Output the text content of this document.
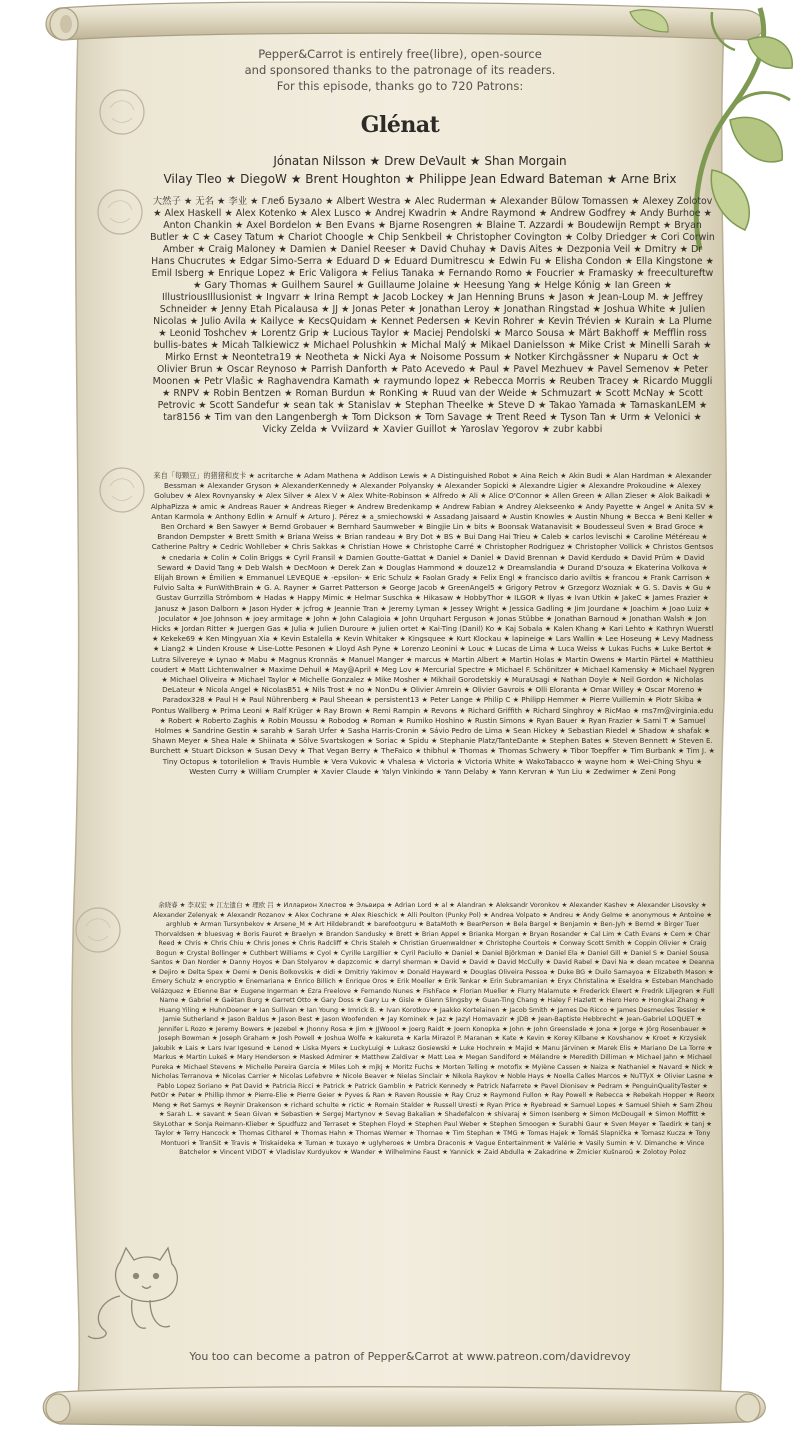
Pepper&Carrot is entirely free(libre), open-source
and sponsored thanks to the patronage of its readers.
For this episode, thanks go to 720 Patrons:
Glénat
Jónatan Nilsson ★ Drew DeVault ★ Shan Morgain
Vilay Tleo ★ DiegoW ★ Brent Houghton ★ Philippe Jean Edward Bateman ★ Arne Brix
大然子 ★ 无名 ★ 李业 ★ Глеб Бузало ★ Albert Westra ★ Alec Ruderman ★ Alexander Bülow Tomassen ★ Alexey Zolotov ★ Alex Haskell ★ Alex Kotenko ★ Alex Lusco ★ Andrej Kwadrin ★ Andre Raymond ★ Andrew Godfrey ★ Andy Burhoe ★ Anton Chankin ★ Axel Bordelon ★ Ben Evans ★ Bjarne Rosengren ★ Blaine T. Azzardi ★ Boudewijn Rempt ★ Bryan Butler ★ C ★ Casey Tatum ★ Chariot Choogle ★ Chip Senkbeil ★ Christopher Covington ★ Colby Driedger ★ Cori Corwin Amber ★ Craig Maloney ★ Damien ★ Daniel Reeser ★ David Chuhay ★ Davis Aites ★ Dezponia Veil ★ Dmitry ★ Dr Hans Chucrutes ★ Edgar Simo-Serra ★ Eduard D ★ Eduard Dumitrescu ★ Edwin Fu ★ Elisha Condon ★ Ella Kingstone ★ Emil Isberg ★ Enrique Lopez ★ Eric Valigora ★ Felius Tanaka ★ Fernando Romo ★ Foucrier ★ Framasky ★ freecultureftw ★ Gary Thomas ★ Guilhem Saurel ★ Guillaume Jolaine ★ Heesung Yang ★ Helge Kónig ★ Ian Green ★ IllustriousIllusionist ★ Ingvarr ★ Irina Rempt ★ Jacob Lockey ★ Jan Henning Bruns ★ Jason ★ Jean-Loup M. ★ Jeffrey Schneider ★ Jenny Etah Picalausa ★ JJ ★ Jonas Peter ★ Jonathan Leroy ★ Jonathan Ringstad ★ Joshua White ★ Julien Nicolas ★ Julio Avila ★ Kailyce ★ KecsQuidam ★ Kennet Pedersen ★ Kevin Rohrer ★ Kevin Trévien ★ Kurain ★ La Plume ★ Leonid Toshchev ★ Lorentz Grip ★ Lucious Taylor ★ Maciej Pendolski ★ Marco Sousa ★ Märt Bakhoff ★ Mefflin ross bullis-bates ★ Micah Talkiewicz ★ Michael Polushkin ★ Michal Malý ★ Mikael Danielsson ★ Mike Crist ★ Minelli Sarah ★ Mirko Ernst ★ Neontetra19 ★ Neotheta ★ Nicki Aya ★ Noisome Possum ★ Notker Kirchgässner ★ Nuparu ★ Oct ★ Olivier Brun ★ Oscar Reynoso ★ Parrish Danforth ★ Pato Acevedo ★ Paul ★ Pavel Mezhuev ★ Pavel Semenov ★ Peter Moonen ★ Petr Vlašic ★ Raghavendra Kamath ★ raymundo lopez ★ Rebecca Morris ★ Reuben Tracey ★ Ricardo Muggli ★ RNPV ★ Robin Bentzen ★ Roman Burdun ★ RonKing ★ Ruud van der Weide ★ Schmuzart ★ Scott McNay ★ Scott Petrovic ★ Scott Sandefur ★ sean tak ★ Stanislav ★ Stephan Theelke ★ Steve D ★ Takao Yamada ★ TamaskanLEM ★ tar8156 ★ Tim van den Langenbergh ★ Tom Dickson ★ Tom Savage ★ Trent Reed ★ Tyson Tan ★ Urm ★ Velonici ★ Vicky Zelda ★ Vviizard ★ Xavier Guillot ★ Yaroslav Yegorov ★ zubr kabbi
来自「每颗豆」的猪猪和皮卡 ★ acritarche ★ Adam Mathena ★ Addison Lewis ★ A Distinguished Robot ★ Aina Reich ★ Akin Budi ★ Alan Hardman ★ Alexander Bessman ★ Alexander Gryson ★ AlexanderKennedy ★ Alexander Polyansky ★ Alexander Sopicki ★ Alexandre Ligier ★ Alexandre Prokoudine ★ Alexey Golubev ★ Alex Rovnyansky ★ Alex Silver ★ Alex V ★ Alex White-Robinson ★ Alfredo ★ Ali ★ Alice O'Connor ★ Allen Green ★ Allan Zieser ★ Alok Baikadi ★ AlphaPizza ★ amic ★ Andreas Rauer ★ Andreas Rieger ★ Andrew Bredenkamp ★ Andrew Fabian ★ Andrey Alekseenko ★ Andy Payette ★ Angel ★ Anita SV ★ Antan Karmola ★ Anthony Edlin ★ Arnulf ★ Arturo J. Pérez ★ a_smiechowski ★ Assadang Jaisaard ★ Austin Knowles ★ Austin Nhung ★ Becca ★ Beni Keller ★ Ben Orchard ★ Ben Sawyer ★ Bernd Grobauer ★ Bernhard Saumweber ★ Bingjie Lin ★ bits ★ Boonsak Watanavisit ★ Boudesseul Sven ★ Brad Groce ★ Brandon Dempster ★ Brett Smith ★ Briana Weiss ★ Brian randeau ★ Bry Dot ★ BS ★ Bui Dang Hai Trieu ★ Caleb ★ carlos levischi ★ Caroline Météreau ★ Catherine Paltry ★ Cedric Wohlleber ★ Chris Sakkas ★ Christian Howe ★ Christophe Carré ★ Christopher Rodriguez ★ Christopher Vollick ★ Christos Gentsos ★ cnedaria ★ Colin ★ Colin Briggs ★ Cyril Fransil ★ Damien Goutte-Gattat ★ Daniel ★ Daniel ★ David Brennan ★ David Kerdudo ★ David Prüm ★ David Seward ★ David Tang ★ Deb Walsh ★ DecMoon ★ Derek Zan ★ Douglas Hammond ★ douze12 ★ Dreamslandia ★ Durand D'souza ★ Ekaterina Volkova ★ Elijah Brown ★ Émilien ★ Emmanuel LEVEQUE ★ -epsilon- ★ Eric Schulz ★ Faolan Grady ★ Felix Engl ★ francisco dario aviltis ★ francou ★ Frank Carrison ★ Fulvio Salta ★ FunWithBrain ★ G. A. Rayner ★ Garret Patterson ★ George Jacob ★ GreenAngel5 ★ Grigory Petrov ★ Grzegorz Wozniak ★ G. S. Davis ★ Gu ★ Gustav Gurrzilla Strömbom ★ Hadas ★ Happy Mimic ★ Helmar Suschka ★ Hikasaw ★ HobbyThor ★ ILGOR ★ Ilyas ★ Ivan Utkin ★ JakeC ★ James Frazier ★ Janusz ★ Jason Dalborn ★ Jason Hyder ★ jcfrog ★ Jeannie Tran ★ Jeremy Lyman ★ Jessey Wright ★ Jessica Gadling ★ Jim Jourdane ★ Joachim ★ Joao Luiz ★ Joculator ★ Joe Johnson ★ joey armitage ★ John ★ John Calagioia ★ John Urquhart Ferguson ★ Jonas Stübbe ★ Jonathan Barnoud ★ Jonathan Walsh ★ Jon Hicks ★ Jordan Ritter ★ Juergen Gas ★ Julia ★ Julien Duroure ★ julien ortet ★ Kai-Ting (Danil) Ko ★ Kaj Sobala ★ Kalen Khang ★ Kari Lehto ★ Kathryn Wuerstl ★ Kekeke69 ★ Ken Mingyuan Xia ★ Kevin Estalella ★ Kevin Whitaker ★ Kingsquee ★ Kurt Klockau ★ lapineige ★ Lars Wallin ★ Lee Hoseung ★ Levy Madness ★ Liang2 ★ Linden Krouse ★ Lise-Lotte Pesonen ★ Lloyd Ash Pyne ★ Lorenzo Leonini ★ Louc ★ Lucas de Lima ★ Luca Weiss ★ Lukas Fuchs ★ Luke Bertot ★ Lutra Silvereye ★ Lynao ★ Mabu ★ Magnus Kronnäs ★ Manuel Manger ★ marcus ★ Martin Albert ★ Martin Holas ★ Martin Owens ★ Martin Pärtel ★ Matthieu coudert ★ Matt Lichtenwalner ★ Maxime Dehuil ★ May@April ★ Meg Lov ★ Mercurial Spectre ★ Michael F. Schönitzer ★ Michael Kamensky ★ Michael Nygren ★ Michael Oliveira ★ Michael Taylor ★ Michelle Gonzalez ★ Mike Mosher ★ Mikhail Gorodetskiy ★ MuraUsagi ★ Nathan Doyle ★ Neil Gordon ★ Nicholas DeLateur ★ Nicola Angel ★ NicolasB51 ★ Nils Trost ★ no ★ NonDu ★ Olivier Amrein ★ Olivier Gavrois ★ Olli Eloranta ★ Omar Willey ★ Oscar Moreno ★ Paradox328 ★ Paul H ★ Paul Nührenberg ★ Paul Sheean ★ persistent13 ★ Peter Lange ★ Philip C ★ Philipp Hemmer ★ Pierre Vuillemin ★ Piotr Skiba ★ Pontus Wallberg ★ Prima Leoni ★ Ralf Krüger ★ Ray Brown ★ Remi Rampin ★ Revons ★ Richard Griffith ★ Richard Singhroy ★ RicMao ★ rns7m@virginia.edu ★ Robert ★ Roberto Zaghis ★ Robin Moussu ★ Robodog ★ Roman ★ Rumiko Hoshino ★ Rustin Simons ★ Ryan Bauer ★ Ryan Frazier ★ Sami T ★ Samuel Holmes ★ Sandrine Gestin ★ sarahb ★ Sarah Urfer ★ Sasha Harris-Cronin ★ Sávio Pedro de Lima ★ Sean Hickey ★ Sebastian Riedel ★ Shadow ★ shafak ★ Shawn Meyer ★ Shea Hale ★ Shiinata ★ Sölve Svartskogen ★ Soriac ★ Spidu ★ Stephanie Platz/TanteDante ★ Stephen Bates ★ Steven Bennett ★ Steven E. Burchett ★ Stuart Dickson ★ Susan Devy ★ That Vegan Berry ★ TheFaico ★ thibhul ★ Thomas ★ Thomas Schwery ★ Tibor Toepffer ★ Tim Burbank ★ Tim J. ★ Tiny Octopus ★ totorilelion ★ Travis Humble ★ Vera Vukovic ★ Vhalesa ★ Victoria ★ Victoria White ★ WakoTabacco ★ wayne hom ★ Wei-Ching Shyu ★ Westen Curry ★ William Crumpler ★ Xavier Claude ★ Yalyn Vinkindo ★ Yann Delaby ★ Yann Kervran ★ Yun Liu ★ Zedwimer ★ Zeni Pong
余晓睿 ★ 李双宏 ★ 江左遗白 ★ 理欧 吕 ★ Илларион Хлестов ★ Эльвира ★ Adrian Lord ★ al ★ Alandran ★ Aleksandr Voronkov ★ Alexander Kashev ★ Alexander Lisovsky ★ Alexander Zelenyak ★ Alexandr Rozanov ★ Alex Cochrane ★ Alex Rieschick ★ Alli Poulton (Punky Pol) ★ Andrea Volpato ★ Andreu ★ Andy Gelme ★ anonymous ★ Antoine ★ arghlub ★ Arman Tursynbekov ★ Arsene_M ★ Art Hildebrandt ★ barefootguru ★ BataMoth ★ BearPerson ★ Bela Bargel ★ Benjamin ★ Ben-Jyh ★ Bernd ★ Birger Tuer Thorvaldsen ★ bluesvag ★ Boris Fauret ★ Braelyn ★ Brandon Sandusky ★ Brett ★ Brian Appel ★ Brianka Morgan ★ Bryan Rosander ★ Cal Lim ★ Cath Evans ★ Cem ★ Char Reed ★ Chris ★ Chris Chiu ★ Chris Jones ★ Chris Radcliff ★ Chris Staleh ★ Christian Gruenwaldner ★ Christophe Courtois ★ Conway Scott Smith ★ Coppin Olivier ★ Craig Bogun ★ Crystal Bollinger ★ Cuthbert Williams ★ Cyol ★ Cyrille Largillier ★ Cyril Paciullo ★ Daniel ★ Daniel Björkman ★ Daniel Ela ★ Daniel Gill ★ Daniel S ★ Daniel Sousa Santos ★ Dan Norder ★ Danny Hoyos ★ Dan Stolyarov ★ dapzcomic ★ darryl sherman ★ David ★ David ★ David McCully ★ David Rabel ★ Davi Na ★ dean mcatee ★ Deanna ★ Dejiro ★ Delta Spex ★ Demi ★ Denis Bolkovskis ★ didi ★ Dmitriy Yakimov ★ Donald Hayward ★ Douglas Oliveira Pessoa ★ Duke BG ★ Duilo Samayoa ★ Elizabeth Mason ★ Emery Schulz ★ encryptio ★ Enemariana ★ Enrico Billich ★ Enrique Oros ★ Erik Moeller ★ Erik Tenkar ★ Erin Subramanian ★ Eryx Christalina ★ Eseldra ★ Esteban Manchado Velázquez ★ Etienne Bar ★ Eugene Ingerman ★ Ezra Freelove ★ Fernando Nunes ★ FishFace ★ Florian Mueller ★ Flurry Malamute ★ Frederick Elwert ★ Fredrik Liljegren ★ Full Name ★ Gabriel ★ Gaëtan Burg ★ Garrett Otto ★ Gary Doss ★ Gary Lu ★ Gisle ★ Glenn Slingsby ★ Guan-Ting Chang ★ Haley F Hazlett ★ Hero Hero ★ Hongkai Zhang ★ Huang Yiling ★ HuhnDoener ★ Ian Sullivan ★ Ian Young ★ Imrick B. ★ Ivan Korotkov ★ Jaakko Kortelainen ★ Jacob Smith ★ James De Ricco ★ James Desmeules Tessier ★ Jamie Sutherland ★ Jason Baldus ★ Jason Best ★ Jason Woofenden ★ Jay Kominek ★ Jaz ★ Jazyl Homavazir ★ JDB ★ Jean-Baptiste Hebbrecht ★ Jean-Gabriel LOQUET ★ Jennifer L Rozo ★ Jeremy Bowers ★ Jezebel ★ Jhonny Rosa ★ Jim ★ JJWoool ★ Joerg Raidt ★ Joern Konopka ★ John ★ John Greenslade ★ Jona ★ Jorge ★ Jörg Rosenbauer ★ Joseph Bowman ★ Joseph Graham ★ Josh Powell ★ Joshua Wolfe ★ kakureta ★ Karla Mirazol P. Maranan ★ Kate ★ Kevin ★ Korey Kilbane ★ Kovshanov ★ Kroet ★ Krzysiek Jakubik ★ Lais ★ Lars Ivar Igesund ★ Lenod ★ Liska Myers ★ LuckyLuigi ★ Lukasz Gosiewski ★ Luke Hochrein ★ Majid ★ Manu Järvinen ★ Marek Elis ★ Mariano De La Torre ★ Markus ★ Martin Lukeš ★ Mary Henderson ★ Masked Admirer ★ Matthew Zaldivar ★ Matt Lea ★ Megan Sandiford ★ Mélandre ★ Meredith Dilliman ★ Michael Jahn ★ Michael Pureka ★ Michael Stevens ★ Michelle Pereira Garcia ★ Miles Loh ★ mjkj ★ Moritz Fuchs ★ Morten Telling ★ motofix ★ Myiène Cassen ★ Naiza ★ Nathaniel ★ Navard ★ Nick ★ Nicholas Terranova ★ Nicolas Carrier ★ Nicolas Lefebvre ★ Nicole Beaver ★ Nielas Sinclair ★ Nikola Raykov ★ Noble Hays ★ Noella Calles Marcos ★ NuTTyX ★ Olivier Lasne ★ Pablo Lopez Soriano ★ Pat David ★ Patricia Ricci ★ Patrick ★ Patrick Gamblin ★ Patrick Kennedy ★ Patrick Nafarrete ★ Pavel Dionisev ★ Pedram ★ PenguinQualityTester ★ PetOr ★ Peter ★ Phillip Ihmor ★ Pierre-Elie ★ Pierre Geier ★ Pyves & Ran ★ Raven Roussie ★ Ray Cruz ★ Raymond Fullon ★ Ray Powell ★ Rebecca ★ Rebekah Hopper ★ Reorx Meng ★ Ret Samys ★ Reynir Drakenson ★ richard schulte ★ rictic ★ Romain Stalder ★ Russell Uresti ★ Ryan Price ★ Ryebread ★ Samuel Lopes ★ Samuel Shieh ★ Sam Zhou ★ Sarah L. ★ savant ★ Sean Givan ★ Sebastien ★ Sergej Martynov ★ Sevag Bakalian ★ Shadefalcon ★ shivaraj ★ Simon Isenberg ★ Simon McDougall ★ Simon Moffitt ★ SkyLothar ★ Sonja Reimann-Klieber ★ Spudfuzz and Terraset ★ Stephen Floyd ★ Stephen Paul Weber ★ Stephen Smoogen ★ Surabhi Gaur ★ Sven Meyer ★ Taedirk ★ tanj ★ Taylor ★ Terry Hancock ★ Thomas Citharel ★ Thomas Hahn ★ Thomas Werner ★ Thornae ★ Tim Stephan ★ TMG ★ Tomas Hajek ★ Tomáš Slapnička ★ Tomasz Kucza ★ Tony Montuori ★ TranSit ★ Travis ★ Triskaidekа ★ Tuman ★ tuxayo ★ uglyheroes ★ Umbra Draconis ★ Vague Entertainment ★ Valérie ★ Vasily Sumin ★ V. Dimanche ★ Vince Batchelor ★ Vincent VIDOT ★ Vladislav Kurdyukov ★ Wander ★ Wilhelmine Faust ★ Yannick ★ Zaid Abdulla ★ Zakadrine ★ Żmicier Kušnaroŭ ★ Zolotoy Poloz
You too can become a patron of Pepper&Carrot at www.patreon.com/davidrevoy
